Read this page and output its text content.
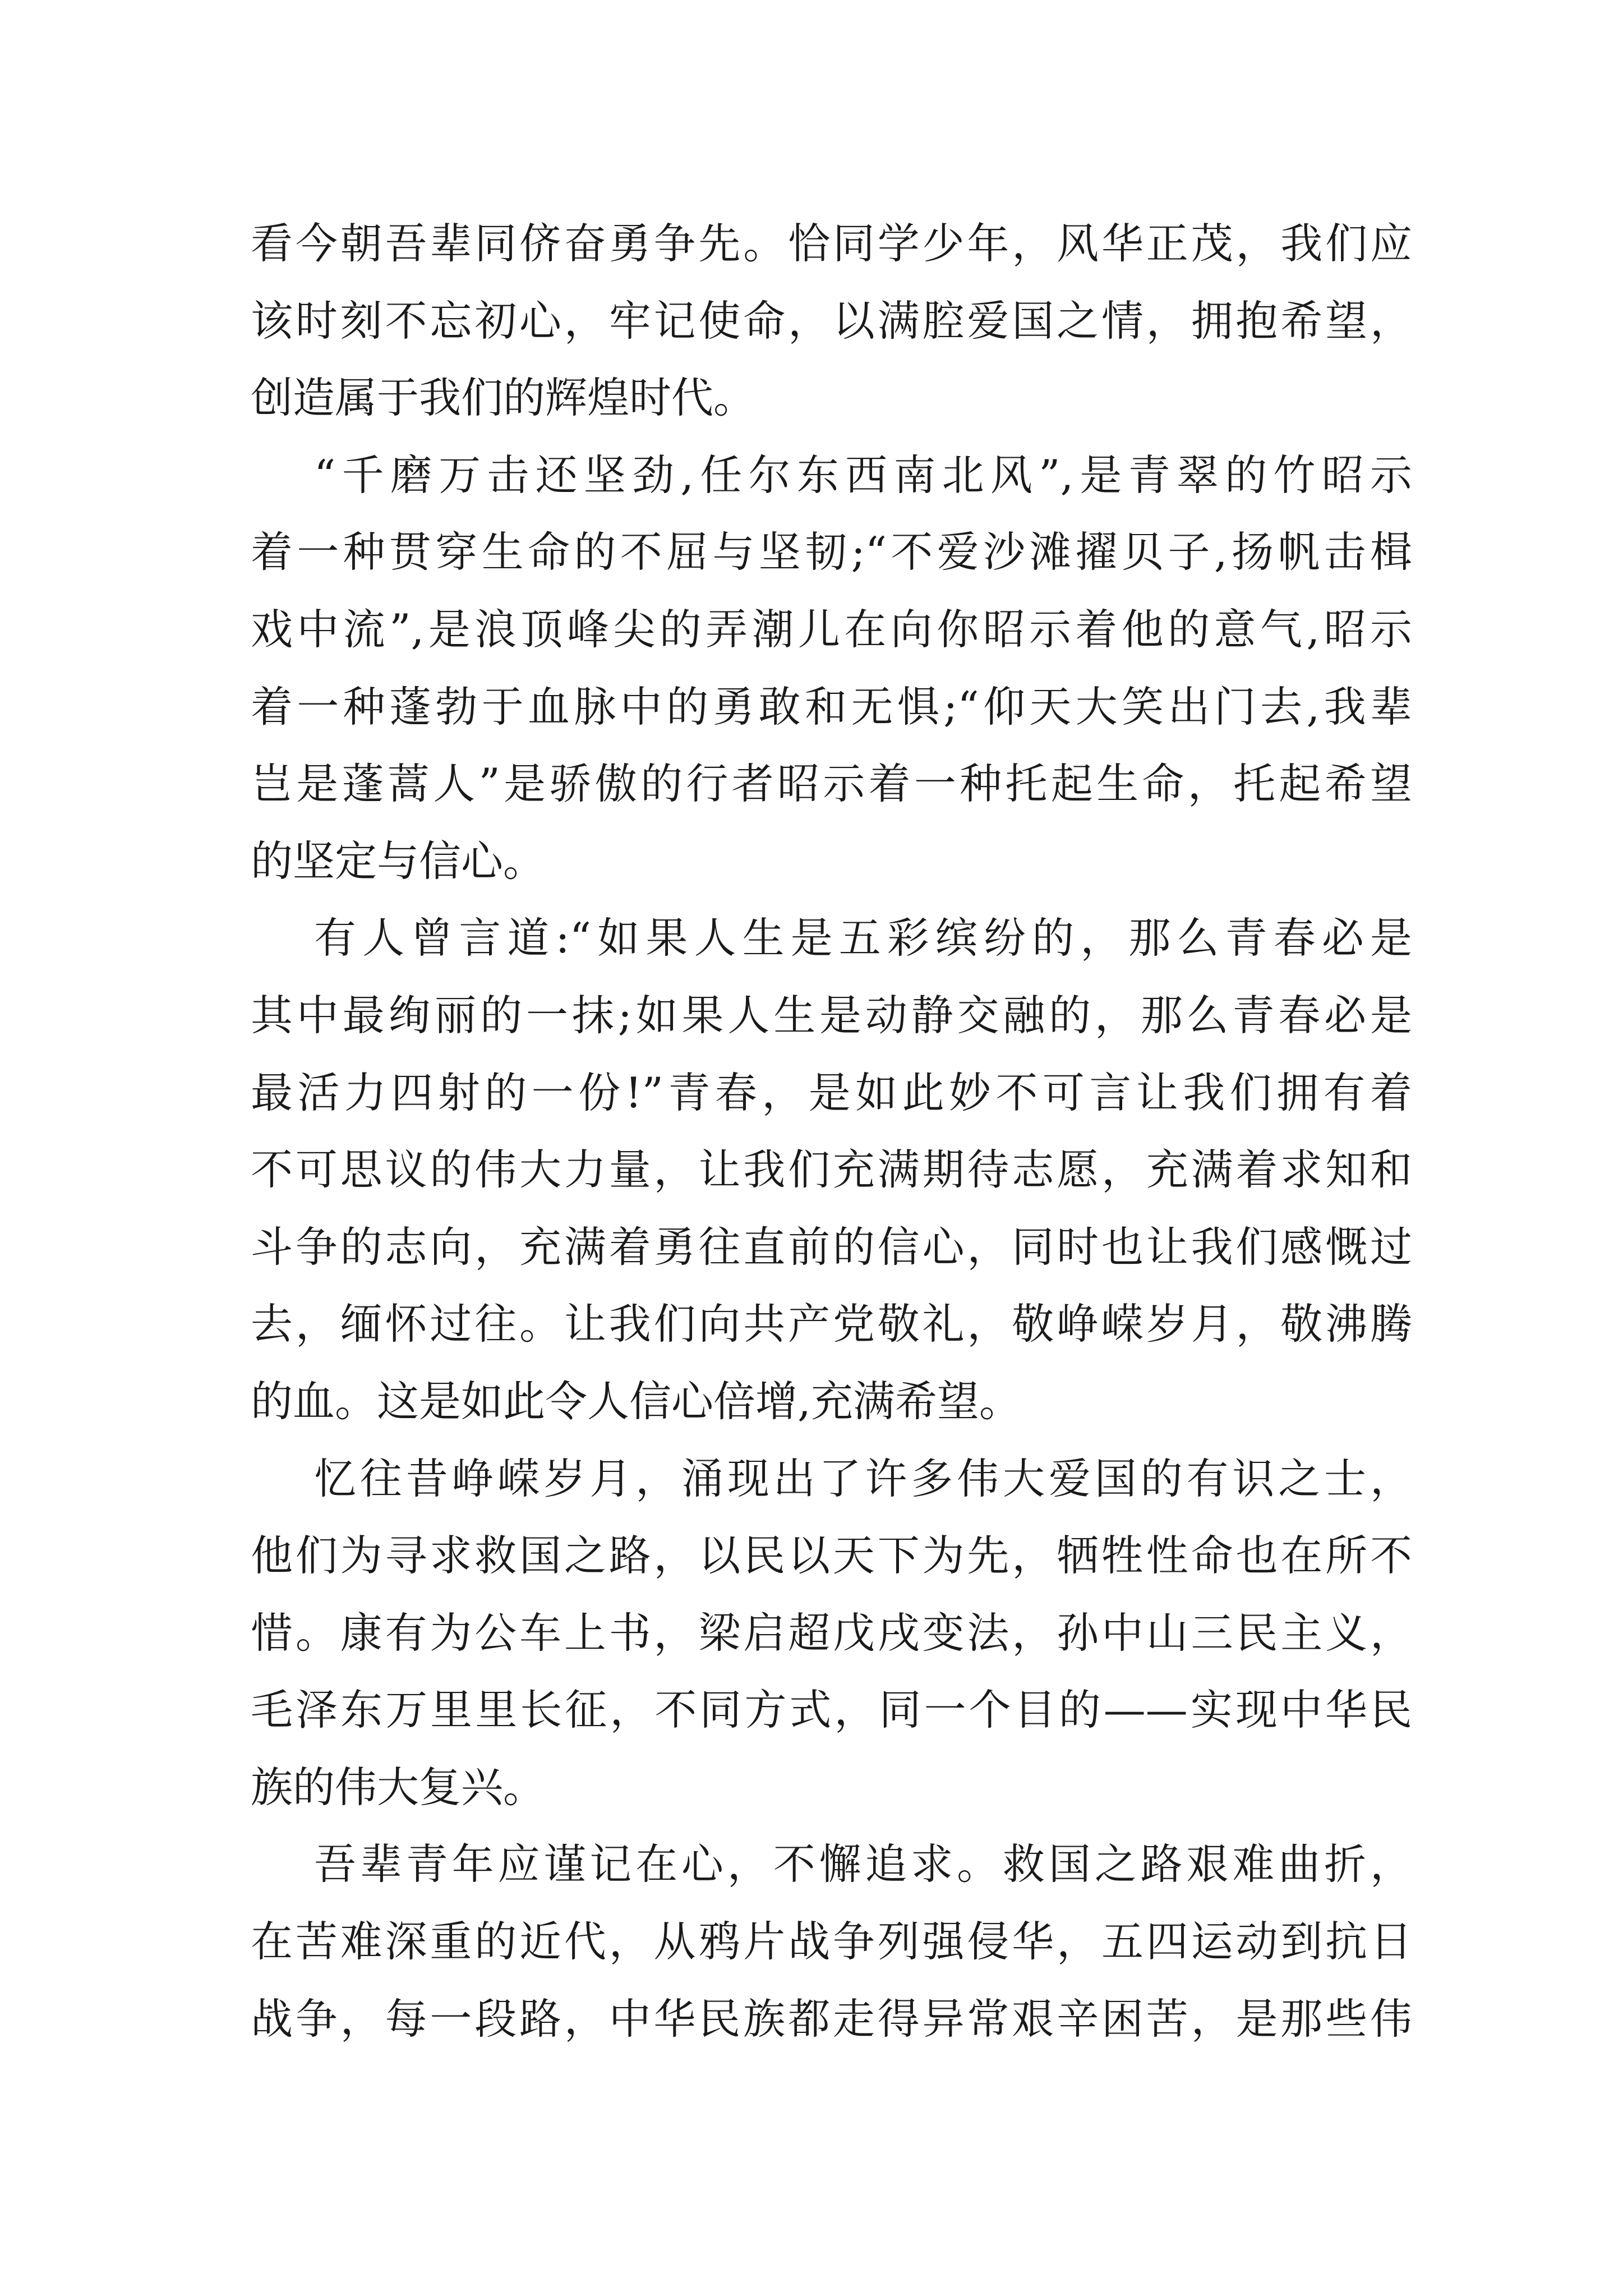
看今朝吾辈同侪奋勇争先。恰同学少年，风华正茂，我们应
该时刻不忘初心，牢记使命，以满腔爱国之情，拥抱希望，
创造属于我们的辉煌时代。
“千磨万击还坚劲,任尔东西南北风”,是青翠的竹昭示
着一种贯穿生命的不屈与坚韧;“不爱沙滩擢贝子,扬帆击楫
戏中流”,是浪顶峰尖的弄潮儿在向你昭示着他的意气,昭示
着一种蓬勃于血脉中的勇敢和无惧;“仰天大笑出门去,我辈
岂是蓬蒿人”是骄傲的行者昭示着一种托起生命，托起希望
的坚定与信心。
有人曾言道:“如果人生是五彩缤纷的，那么青春必是
其中最绚丽的一抹;如果人生是动静交融的，那么青春必是
最活力四射的一份!”青春，是如此妙不可言让我们拥有着
不可思议的伟大力量，让我们充满期待志愿，充满着求知和
斗争的志向，充满着勇往直前的信心，同时也让我们感慨过
去，缅怀过往。让我们向共产党敬礼，敬峥嵘岁月，敬沸腾
的血。这是如此令人信心倍增,充满希望。
忆往昔峥嵘岁月，涌现出了许多伟大爱国的有识之士，
他们为寻求救国之路，以民以天下为先，牺牲性命也在所不
惜。康有为公车上书，梁启超戊戌变法，孙中山三民主义，
毛泽东万里里长征，不同方式，同一个目的——实现中华民
族的伟大复兴。
吾辈青年应谨记在心，不懈追求。救国之路艰难曲折，
在苦难深重的近代，从鸦片战争列强侵华，五四运动到抗日
战争，每一段路，中华民族都走得异常艰辛困苦，是那些伟
